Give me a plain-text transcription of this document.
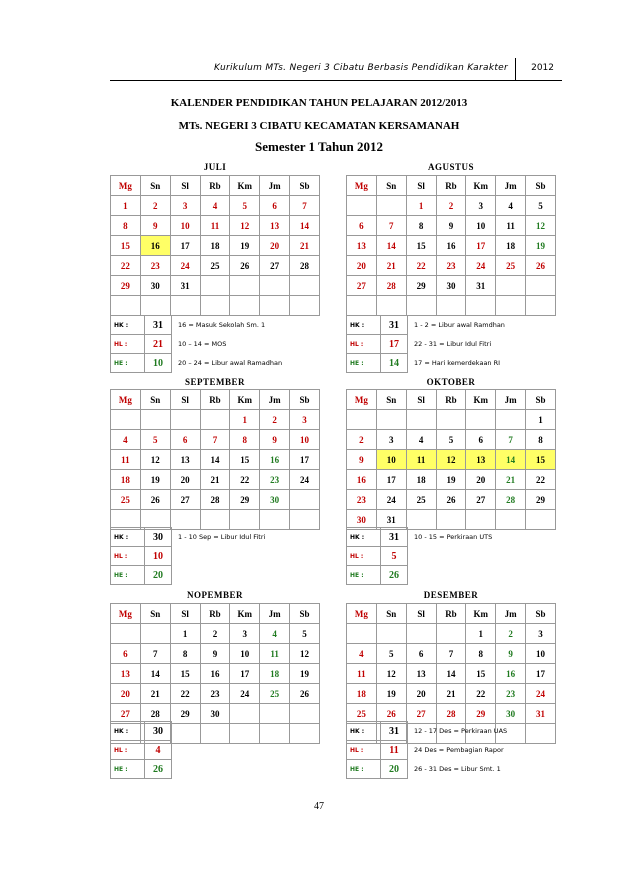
Kurikulum MTs. Negeri 3 Cibatu Berbasis Pendidikan Karakter	2012
KALENDER PENDIDIKAN TAHUN PELAJARAN 2012/2013
MTs. NEGERI 3 CIBATU KECAMATAN KERSAMANAH
Semester 1 Tahun 2012
JULI
Mg	Sn	Sl	Rb	Km	Jm	Sb
1	2	3	4	5	6	7
8	9	10	11	12	13	14
15	16	17	18	19	20	21
22	23	24	25	26	27	28
29	30	31				

HK :	31	16 = Masuk Sekolah Sm. 1
HL :	21	10 – 14 = MOS
HE :	10	20 – 24 = Libur awal Ramadhan
AGUSTUS
Mg	Sn	Sl	Rb	Km	Jm	Sb
		1	2	3	4	5
6	7	8	9	10	11	12
13	14	15	16	17	18	19
20	21	22	23	24	25	26
27	28	29	30	31		

HK :	31	1 - 2 = Libur awal Ramdhan
HL :	17	22 - 31 = Libur Idul Fitri
HE :	14	17 = Hari kemerdekaan RI
SEPTEMBER
Mg	Sn	Sl	Rb	Km	Jm	Sb
				1	2	3
4	5	6	7	8	9	10
11	12	13	14	15	16	17
18	19	20	21	22	23	24
25	26	27	28	29	30	

HK :	30	1 - 10 Sep = Libur Idul Fitri
HL :	10	
HE :	20	
OKTOBER
Mg	Sn	Sl	Rb	Km	Jm	Sb
						1
2	3	4	5	6	7	8
9	10	11	12	13	14	15
16	17	18	19	20	21	22
23	24	25	26	27	28	29
30	31					
HK :	31	10 - 15 = Perkiraan UTS
HL :	5	
HE :	26	
NOPEMBER
Mg	Sn	Sl	Rb	Km	Jm	Sb
		1	2	3	4	5
6	7	8	9	10	11	12
13	14	15	16	17	18	19
20	21	22	23	24	25	26
27	28	29	30			

HK :	30	
HL :	4	
HE :	26	
DESEMBER
Mg	Sn	Sl	Rb	Km	Jm	Sb
				1	2	3
4	5	6	7	8	9	10
11	12	13	14	15	16	17
18	19	20	21	22	23	24
25	26	27	28	29	30	31

HK :	31	12 - 17 Des = Perkiraan UAS
HL :	11	24 Des = Pembagian Rapor
HE :	20	26 - 31 Des = Libur Smt. 1
47
